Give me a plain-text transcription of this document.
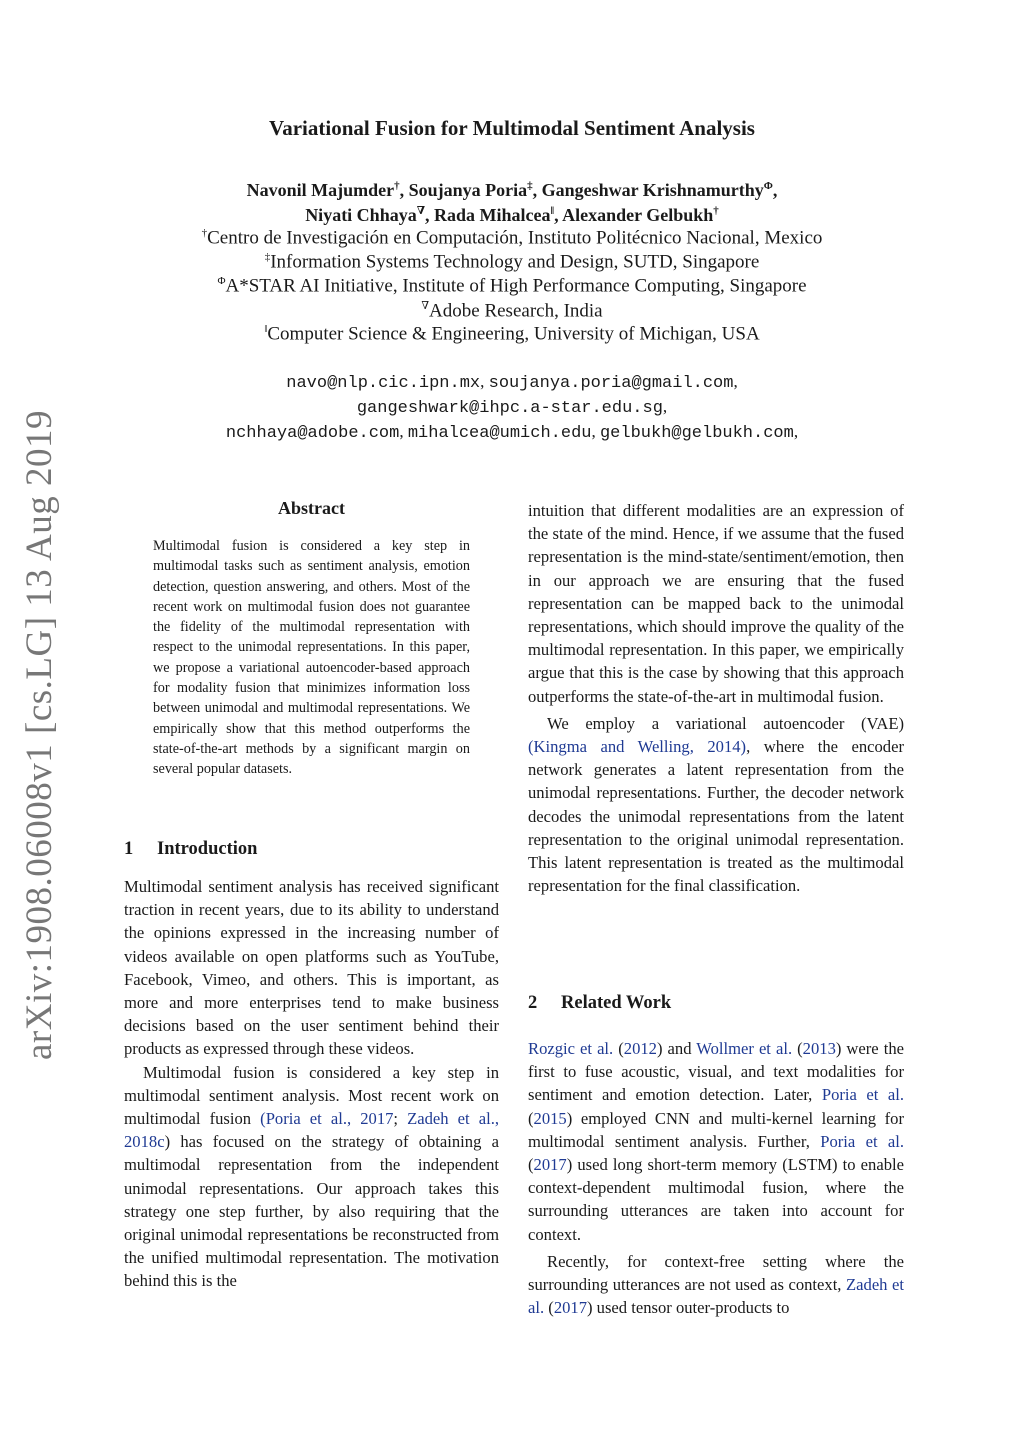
arXiv:1908.06008v1 [cs.LG] 13 Aug 2019
Variational Fusion for Multimodal Sentiment Analysis
Navonil Majumder†, Soujanya Poria‡, Gangeshwar Krishnamurthy$^\Phi$,
Niyati Chhaya∇, Rada Mihalcea‖, Alexander Gelbukh†
†Centro de Investigación en Computación, Instituto Politécnico Nacional, Mexico
‡Information Systems Technology and Design, SUTD, Singapore
$^\Phi$A*STAR AI Initiative, Institute of High Performance Computing, Singapore
∇Adobe Research, India
‖Computer Science & Engineering, University of Michigan, USA
navo@nlp.cic.ipn.mx, soujanya.poria@gmail.com,
gangeshwark@ihpc.a-star.edu.sg,
nchhaya@adobe.com, mihalcea@umich.edu, gelbukh@gelbukh.com,
Abstract
Multimodal fusion is considered a key step in multimodal tasks such as sentiment analysis, emotion detection, question answering, and others. Most of the recent work on multimodal fusion does not guarantee the fidelity of the multimodal representation with respect to the unimodal representations. In this paper, we propose a variational autoencoder-based approach for modality fusion that minimizes information loss between unimodal and multimodal representations. We empirically show that this method outperforms the state-of-the-art methods by a significant margin on several popular datasets.
1 Introduction

Multimodal sentiment analysis has received significant traction in recent years, due to its ability to understand the opinions expressed in the increasing number of videos available on open platforms such as YouTube, Facebook, Vimeo, and others. This is important, as more and more enterprises tend to make business decisions based on the user sentiment behind their products as expressed through these videos.

Multimodal fusion is considered a key step in multimodal sentiment analysis. Most recent work on multimodal fusion (Poria et al., 2017; Zadeh et al., 2018c) has focused on the strategy of obtaining a multimodal representation from the independent unimodal representations. Our approach takes this strategy one step further, by also requiring that the original unimodal representations be reconstructed from the unified multimodal representation. The motivation behind this is the

intuition that different modalities are an expression of the state of the mind. Hence, if we assume that the fused representation is the mind-state/sentiment/emotion, then in our approach we are ensuring that the fused representation can be mapped back to the unimodal representations, which should improve the quality of the multimodal representation. In this paper, we empirically argue that this is the case by showing that this approach outperforms the state-of-the-art in multimodal fusion.

We employ a variational autoencoder (VAE) (Kingma and Welling, 2014), where the encoder network generates a latent representation from the unimodal representations. Further, the decoder network decodes the unimodal representations from the latent representation to the original unimodal representation. This latent representation is treated as the multimodal representation for the final classification.

2 Related Work

Rozgic et al. (2012) and Wollmer et al. (2013) were the first to fuse acoustic, visual, and text modalities for sentiment and emotion detection. Later, Poria et al. (2015) employed CNN and multi-kernel learning for multimodal sentiment analysis. Further, Poria et al. (2017) used long short-term memory (LSTM) to enable context-dependent multimodal fusion, where the surrounding utterances are taken into account for context.

Recently, for context-free setting where the surrounding utterances are not used as context, Zadeh et al. (2017) used tensor outer-products to
